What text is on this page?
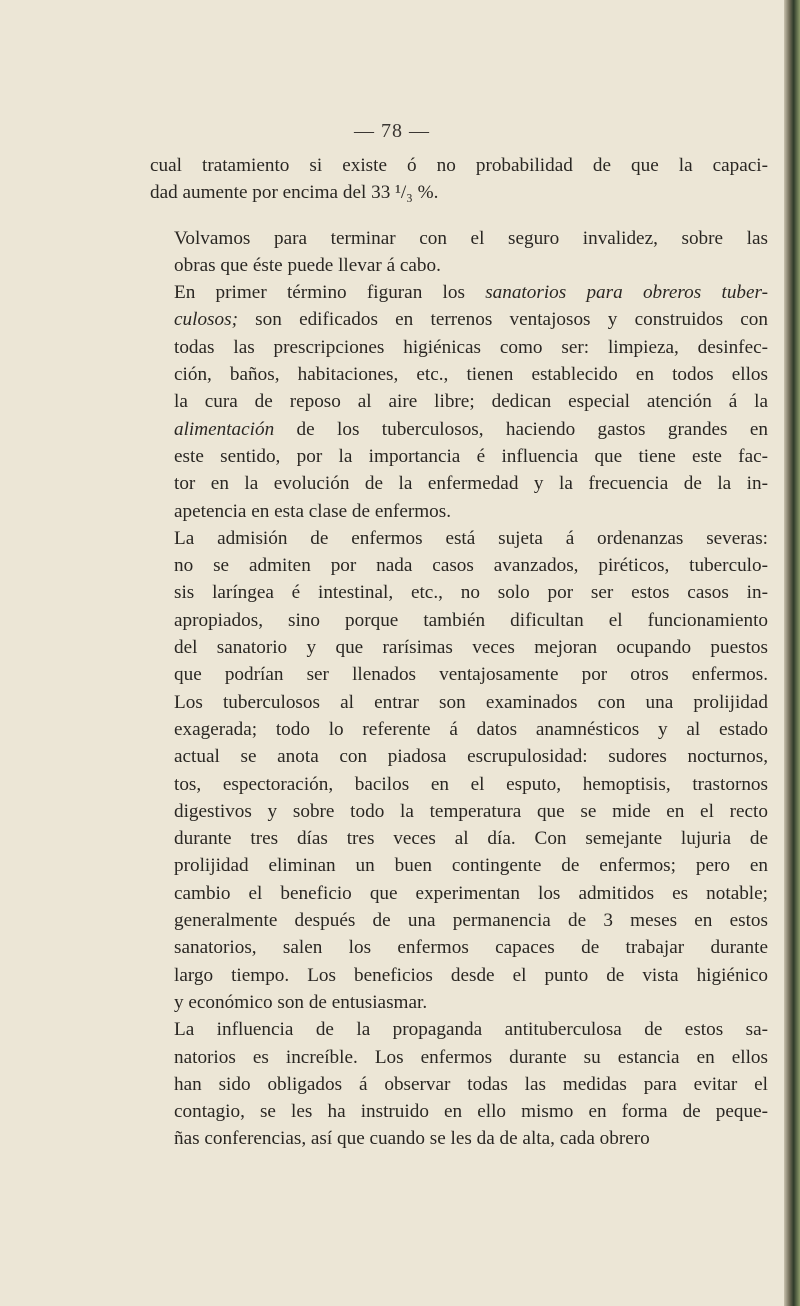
— 78 —

cual tratamiento si existe ó no probabilidad de que la capaci-
dad aumente por encima del 33 ¹/₃ %.

Volvamos para terminar con el seguro invalidez, sobre las
obras que éste puede llevar á cabo.

En primer término figuran los sanatorios para obreros tuber-
culosos; son edificados en terrenos ventajosos y construidos con
todas las prescripciones higiénicas como ser: limpieza, desinfec-
ción, baños, habitaciones, etc., tienen establecido en todos ellos
la cura de reposo al aire libre; dedican especial atención á la
alimentación de los tuberculosos, haciendo gastos grandes en
este sentido, por la importancia é influencia que tiene este fac-
tor en la evolución de la enfermedad y la frecuencia de la in-
apetencia en esta clase de enfermos.

La admisión de enfermos está sujeta á ordenanzas severas:
no se admiten por nada casos avanzados, piréticos, tuberculo-
sis laríngea é intestinal, etc., no solo por ser estos casos in-
apropiados, sino porque también dificultan el funcionamiento
del sanatorio y que rarísimas veces mejoran ocupando puestos
que podrían ser llenados ventajosamente por otros enfermos.
Los tuberculosos al entrar son examinados con una prolijidad
exagerada; todo lo referente á datos anamnésticos y al estado
actual se anota con piadosa escrupulosidad: sudores nocturnos,
tos, espectoración, bacilos en el esputo, hemoptisis, trastornos
digestivos y sobre todo la temperatura que se mide en el recto
durante tres días tres veces al día. Con semejante lujuria de
prolijidad eliminan un buen contingente de enfermos; pero en
cambio el beneficio que experimentan los admitidos es notable;
generalmente después de una permanencia de 3 meses en estos
sanatorios, salen los enfermos capaces de trabajar durante
largo tiempo. Los beneficios desde el punto de vista higiénico
y económico son de entusiasmar.

La influencia de la propaganda antituberculosa de estos sa-
natorios es increíble. Los enfermos durante su estancia en ellos
han sido obligados á observar todas las medidas para evitar el
contagio, se les ha instruido en ello mismo en forma de peque-
ñas conferencias, así que cuando se les da de alta, cada obrero
